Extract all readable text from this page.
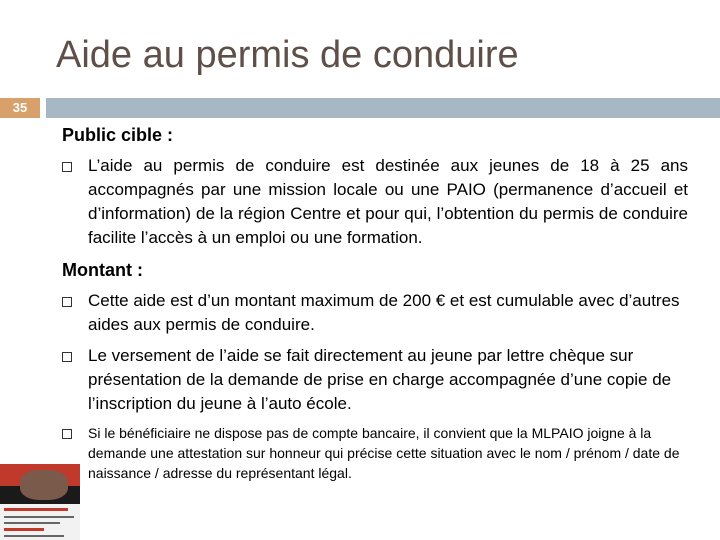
Aide au permis de conduire
35

Public cible :

L’aide au permis de conduire est destinée aux jeunes de 18 à 25 ans accompagnés par une mission locale ou une PAIO (permanence d’accueil et d’information) de la région Centre et pour qui, l’obtention du permis de conduire facilite l’accès à un emploi ou une formation.

Montant :

Cette aide est d’un montant maximum de 200 € et est cumulable avec d’autres aides aux permis de conduire.

Le versement de l’aide se fait directement au jeune par lettre chèque sur présentation de la demande de prise en charge accompagnée d’une copie de l’inscription du jeune à l’auto école.

Si le bénéficiaire ne dispose pas de compte bancaire, il convient que la MLPAIO joigne à la demande une attestation sur honneur qui précise cette situation avec le nom / prénom / date de naissance / adresse du représentant légal.
